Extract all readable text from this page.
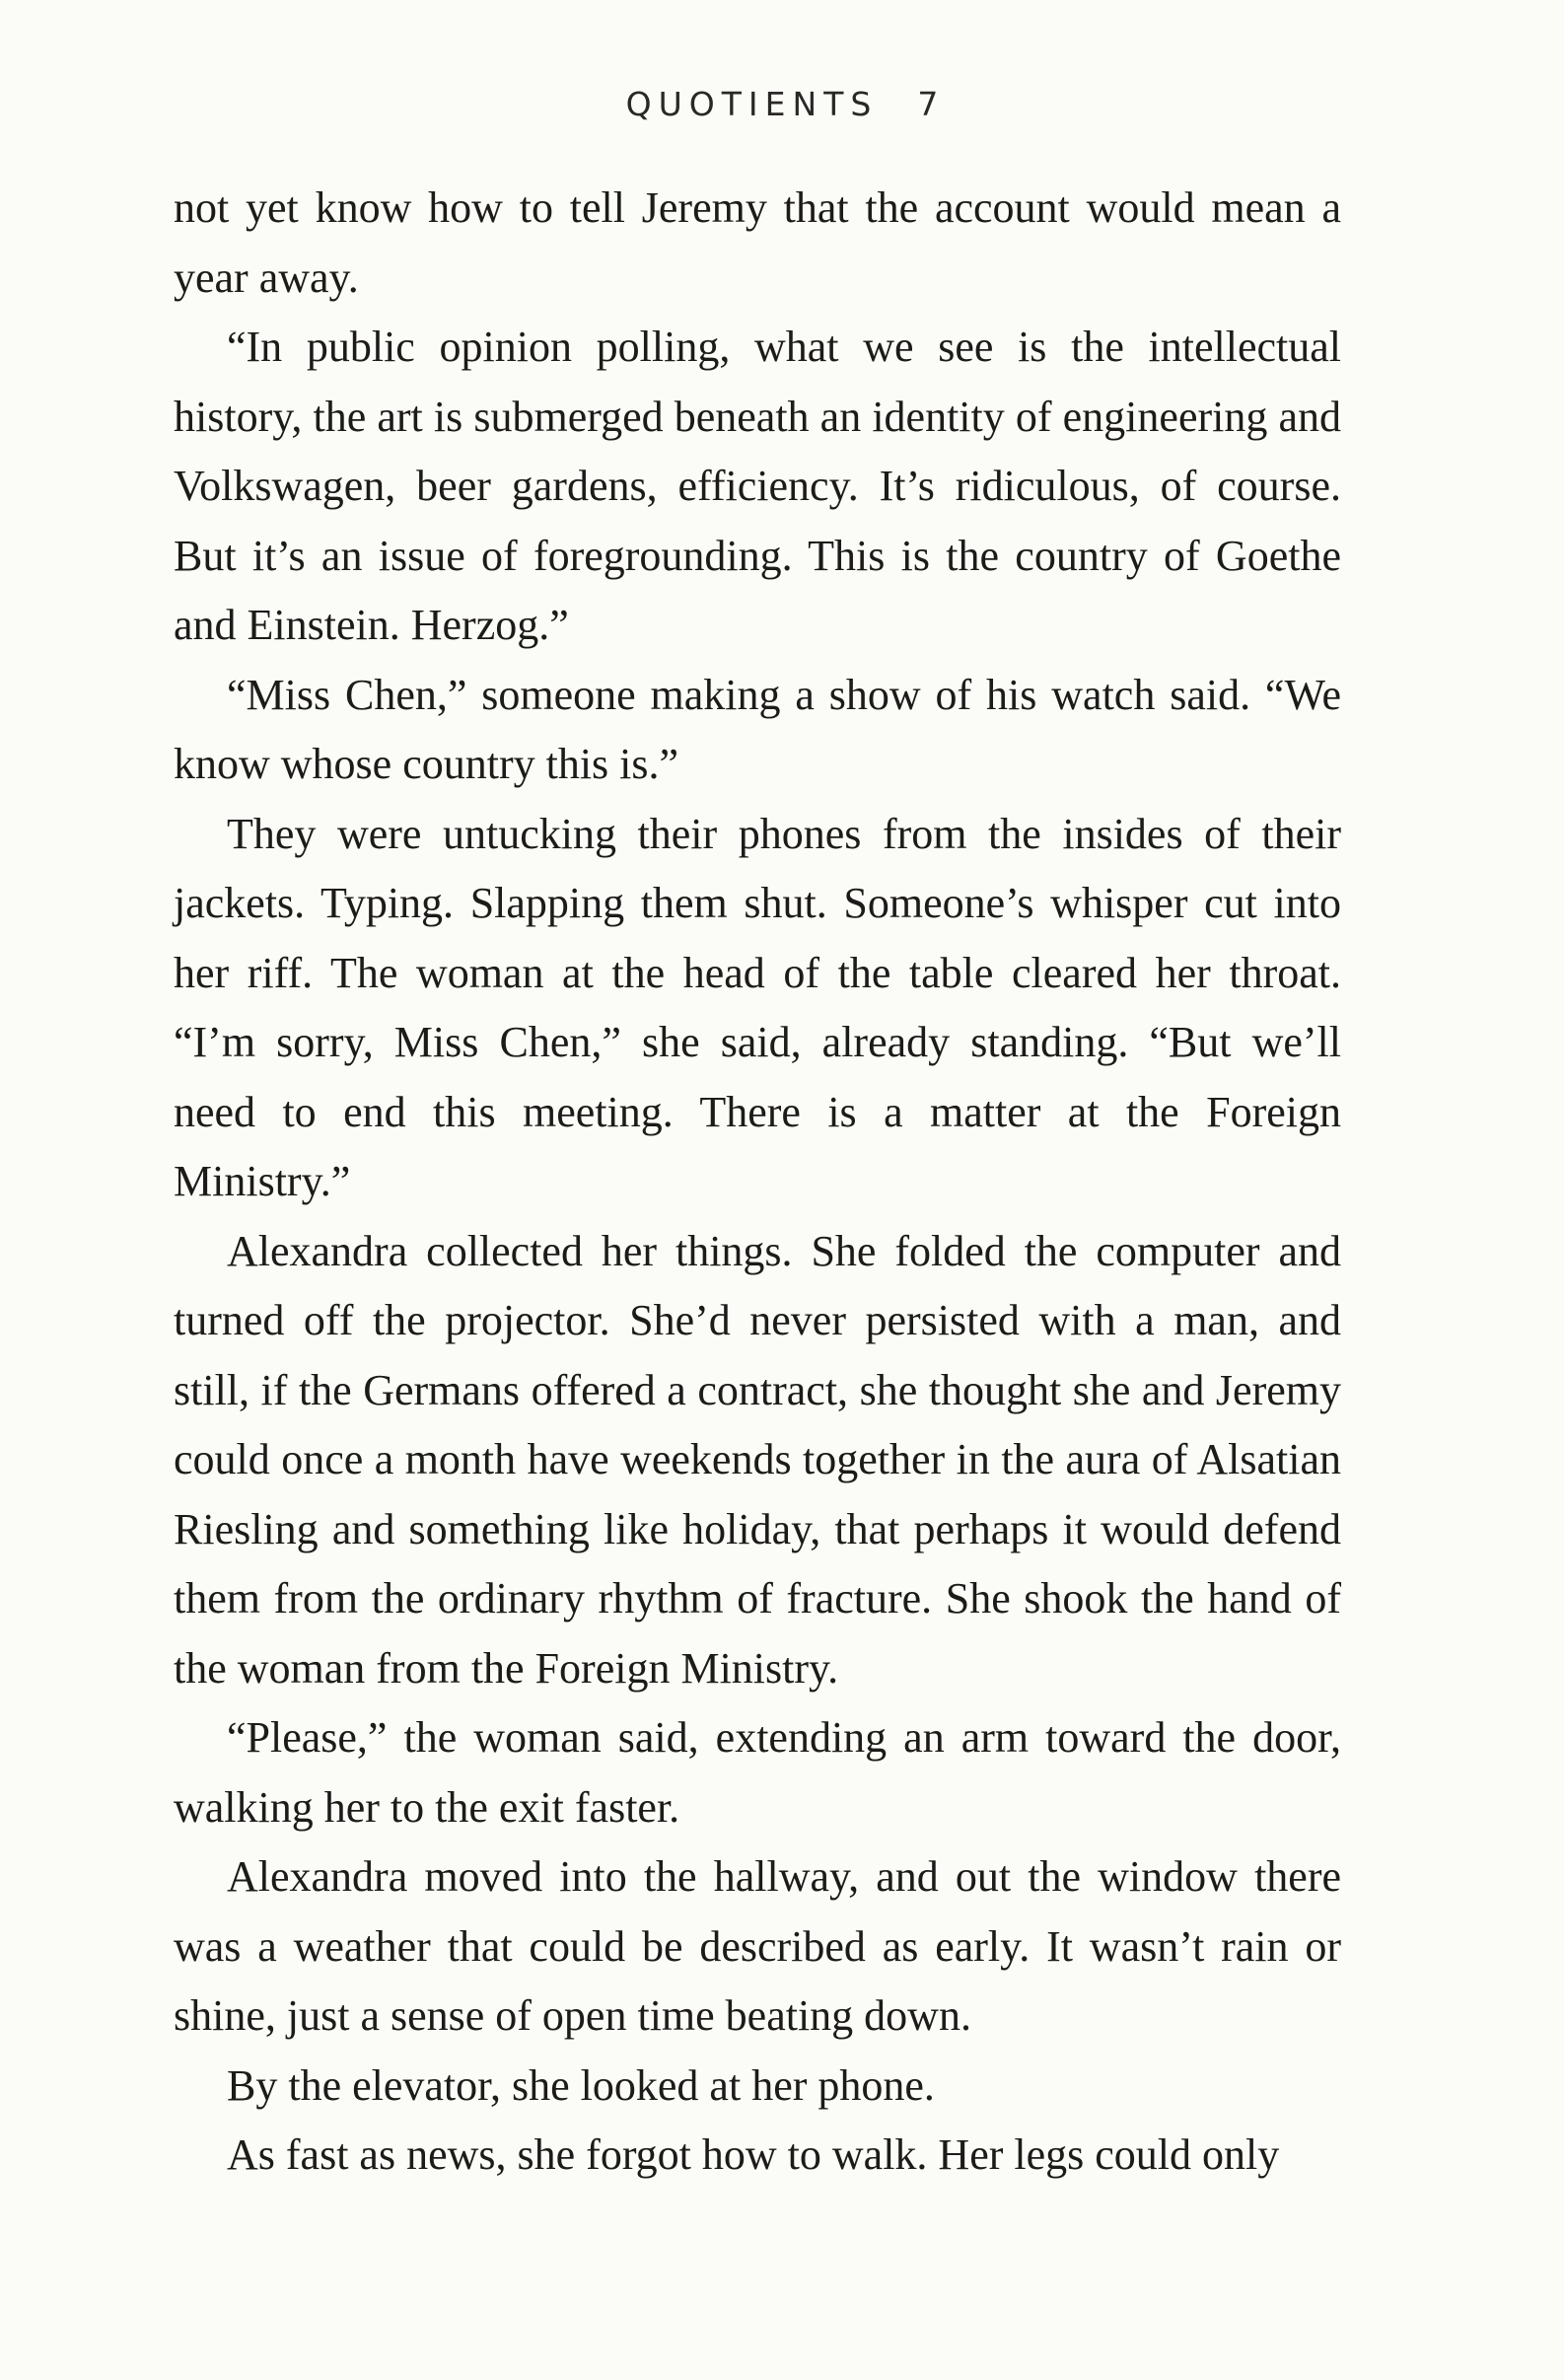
QUOTIENTS 7

not yet know how to tell Jeremy that the account would mean a year away.

“In public opinion polling, what we see is the intellectual history, the art is submerged beneath an identity of engineering and Volkswagen, beer gardens, efficiency. It’s ridiculous, of course. But it’s an issue of foregrounding. This is the country of Goethe and Einstein. Herzog.”

“Miss Chen,” someone making a show of his watch said. “We know whose country this is.”

They were untucking their phones from the insides of their jackets. Typing. Slapping them shut. Someone’s whisper cut into her riff. The woman at the head of the table cleared her throat. “I’m sorry, Miss Chen,” she said, already standing. “But we’ll need to end this meeting. There is a matter at the Foreign Ministry.”

Alexandra collected her things. She folded the computer and turned off the projector. She’d never persisted with a man, and still, if the Germans offered a contract, she thought she and Jeremy could once a month have weekends together in the aura of Alsatian Riesling and something like holiday, that perhaps it would defend them from the ordinary rhythm of fracture. She shook the hand of the woman from the Foreign Ministry.

“Please,” the woman said, extending an arm toward the door, walking her to the exit faster.

Alexandra moved into the hallway, and out the window there was a weather that could be described as early. It wasn’t rain or shine, just a sense of open time beating down.

By the elevator, she looked at her phone.

As fast as news, she forgot how to walk. Her legs could only
